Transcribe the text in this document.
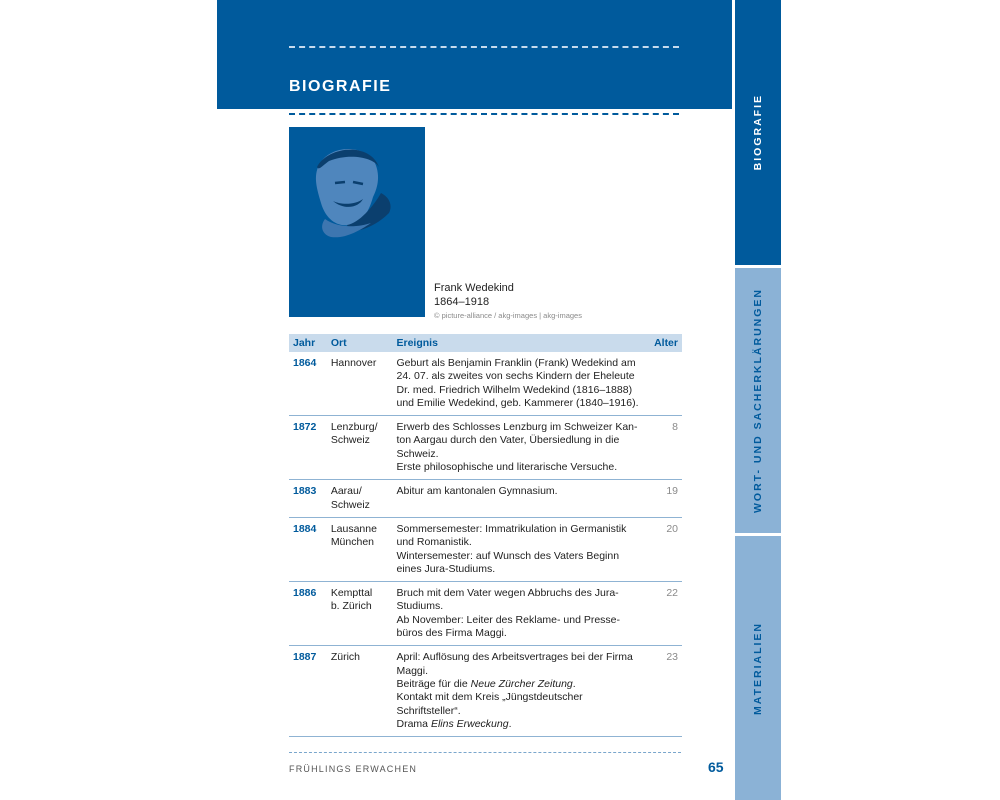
BIOGRAFIE
Frank Wedekind
1864–1918
© picture-alliance / akg-images | akg-images
Jahr	Ort	Ereignis	Alter
1864	Hannover	Geburt als Benjamin Franklin (Frank) Wedekind am
24. 07. als zweites von sechs Kindern der Eheleute
Dr. med. Friedrich Wilhelm Wedekind (1816–1888)
und Emilie Wedekind, geb. Kammerer (1840–1916).	

1872	Lenzburg/
Schweiz	Erwerb des Schlosses Lenzburg im Schweizer Kan-
ton Aargau durch den Vater, Übersiedlung in die
Schweiz.
Erste philosophische und literarische Versuche.	8
1883	Aarau/
Schweiz	Abitur am kantonalen Gymnasium.	19
1884	Lausanne
München	Sommersemester: Immatrikulation in Germanistik
und Romanistik.
Wintersemester: auf Wunsch des Vaters Beginn
eines Jura-Studiums.	20
1886	Kempttal
b. Zürich	Bruch mit dem Vater wegen Abbruchs des Jura-
Studiums.
Ab November: Leiter des Reklame- und Presse-
büros des Firma Maggi.	22
1887	Zürich	April: Auflösung des Arbeitsvertrages bei der Firma
Maggi.
Beiträge für die Neue Zürcher Zeitung.
Kontakt mit dem Kreis „Jüngstdeutscher Schriftsteller“.
Drama Elins Erweckung.	23
FRÜHLINGS ERWACHEN	65
BIOGRAFIE
WORT- UND SACHERKLÄRUNGEN
MATERIALIEN
